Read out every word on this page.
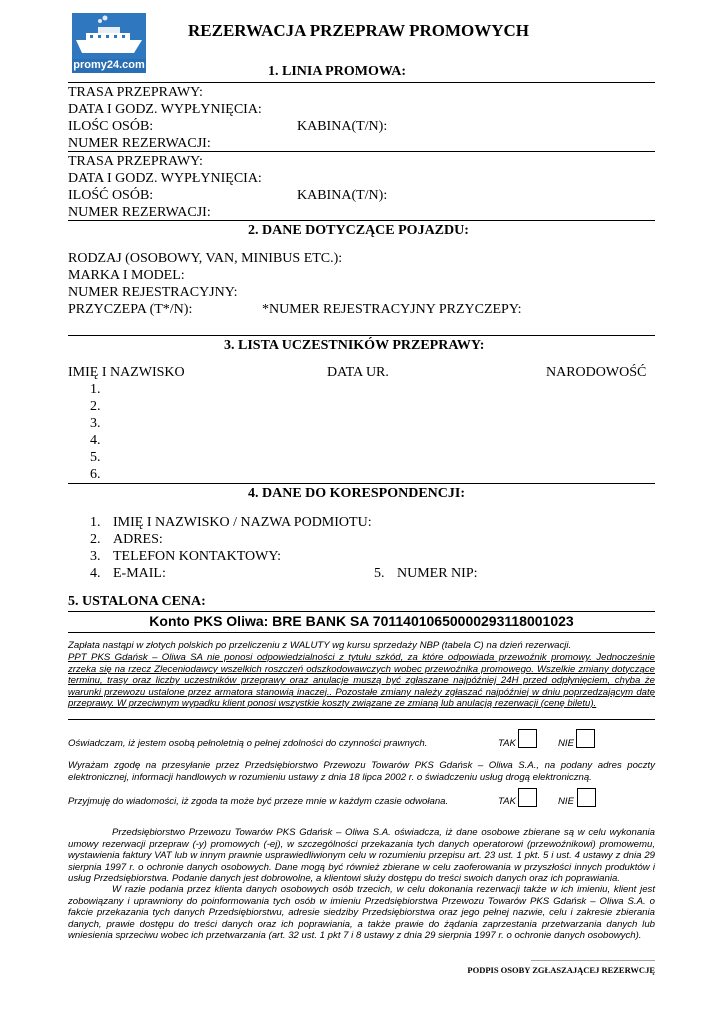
promy24.com
REZERWACJA PRZEPRAW PROMOWYCH
1. LINIA PROMOWA:
TRASA PRZEPRAWY:
DATA I GODZ. WYPŁYNIĘCIA:
ILOŚC OSÓB:	KABINA(T/N):
NUMER REZERWACJI:
TRASA PRZEPRAWY:
DATA I GODZ. WYPŁYNIĘCIA:
ILOŚĆ OSÓB:	KABINA(T/N):
NUMER REZERWACJI:
2. DANE DOTYCZĄCE POJAZDU:
RODZAJ (OSOBOWY, VAN, MINIBUS ETC.):
MARKA I MODEL:
NUMER REJESTRACYJNY:
PRZYCZEPA (T*/N):	*NUMER REJESTRACYJNY PRZYCZEPY:
3. LISTA UCZESTNIKÓW PRZEPRAWY:
IMIĘ I NAZWISKO	DATA UR.	NARODOWOŚĆ
1.
2.
3.
4.
5.
6.
4. DANE DO KORESPONDENCJI:
1. IMIĘ I NAZWISKO / NAZWA PODMIOTU:
2. ADRES:
3. TELEFON KONTAKTOWY:
4. E-MAIL:	5. NUMER NIP:
5. USTALONA CENA:
Konto PKS Oliwa: BRE BANK SA 70114010650000293118001023
Zapłata nastąpi w złotych polskich po przeliczeniu z WALUTY wg kursu sprzedaży NBP (tabela C) na dzień rezerwacji.
PPT PKS Gdańsk – Oliwa SA nie ponosi odpowiedzialności z tytułu szkód, za które odpowiada przewoźnik promowy. Jednocześnie zrzeka się na rzecz Zleceniodawcy wszelkich roszczeń odszkodowawczych wobec przewoźnika promowego. Wszelkie zmiany dotyczące terminu, trasy oraz liczby uczestników przeprawy oraz anulacje muszą być zgłaszane najpóźniej 24H przed odpłynięciem, chyba że warunki przewozu ustalone przez armatora stanowią inaczej.. Pozostałe zmiany należy zgłaszać najpóźniej w dniu poprzedzającym datę przeprawy. W przeciwnym wypadku klient ponosi wszystkie koszty związane ze zmianą lub anulacją rezerwacji (cenę biletu).
Oświadczam, iż jestem osobą pełnoletnią o pełnej zdolności do czynności prawnych.	TAK	NIE
Wyrażam zgodę na przesyłanie przez Przedsiębiorstwo Przewozu Towarów PKS Gdańsk – Oliwa S.A., na podany adres poczty elektronicznej, informacji handlowych w rozumieniu ustawy z dnia 18 lipca 2002 r. o świadczeniu usług drogą elektroniczną.
Przyjmuję do wiadomości, iż zgoda ta może być przeze mnie w każdym czasie odwołana.	TAK	NIE
Przedsiębiorstwo Przewozu Towarów PKS Gdańsk – Oliwa S.A. oświadcza, iż dane osobowe zbierane są w celu wykonania umowy rezerwacji przepraw (-y) promowych (-ej), w szczególności przekazania tych danych operatorowi (przewoźnikowi) promowemu, wystawienia faktury VAT lub w innym prawnie usprawiedliwionym celu w rozumieniu przepisu art. 23 ust. 1 pkt. 5 i ust. 4 ustawy z dnia 29 sierpnia 1997 r. o ochronie danych osobowych. Dane mogą być również zbierane w celu zaoferowania w przyszłości innych produktów i usług Przedsiębiorstwa. Podanie danych jest dobrowolne, a klientowi służy dostępu do treści swoich danych oraz ich poprawiania.
W razie podania przez klienta danych osobowych osób trzecich, w celu dokonania rezerwacji także w ich imieniu, klient jest zobowiązany i uprawniony do poinformowania tych osób w imieniu Przedsiębiorstwa Przewozu Towarów PKS Gdańsk – Oliwa S.A. o fakcie przekazania tych danych Przedsiębiorstwu, adresie siedziby Przedsiębiorstwa oraz jego pełnej nazwie, celu i zakresie zbierania danych, prawie dostępu do treści danych oraz ich poprawiania, a także prawie do żądania zaprzestania przetwarzania danych lub wniesienia sprzeciwu wobec ich przetwarzania (art. 32 ust. 1 pkt 7 i 8 ustawy z dnia 29 sierpnia 1997 r. o ochronie danych osobowych).
..............................................................
PODPIS OSOBY ZGŁASZAJĄCEJ REZERWCJĘ
